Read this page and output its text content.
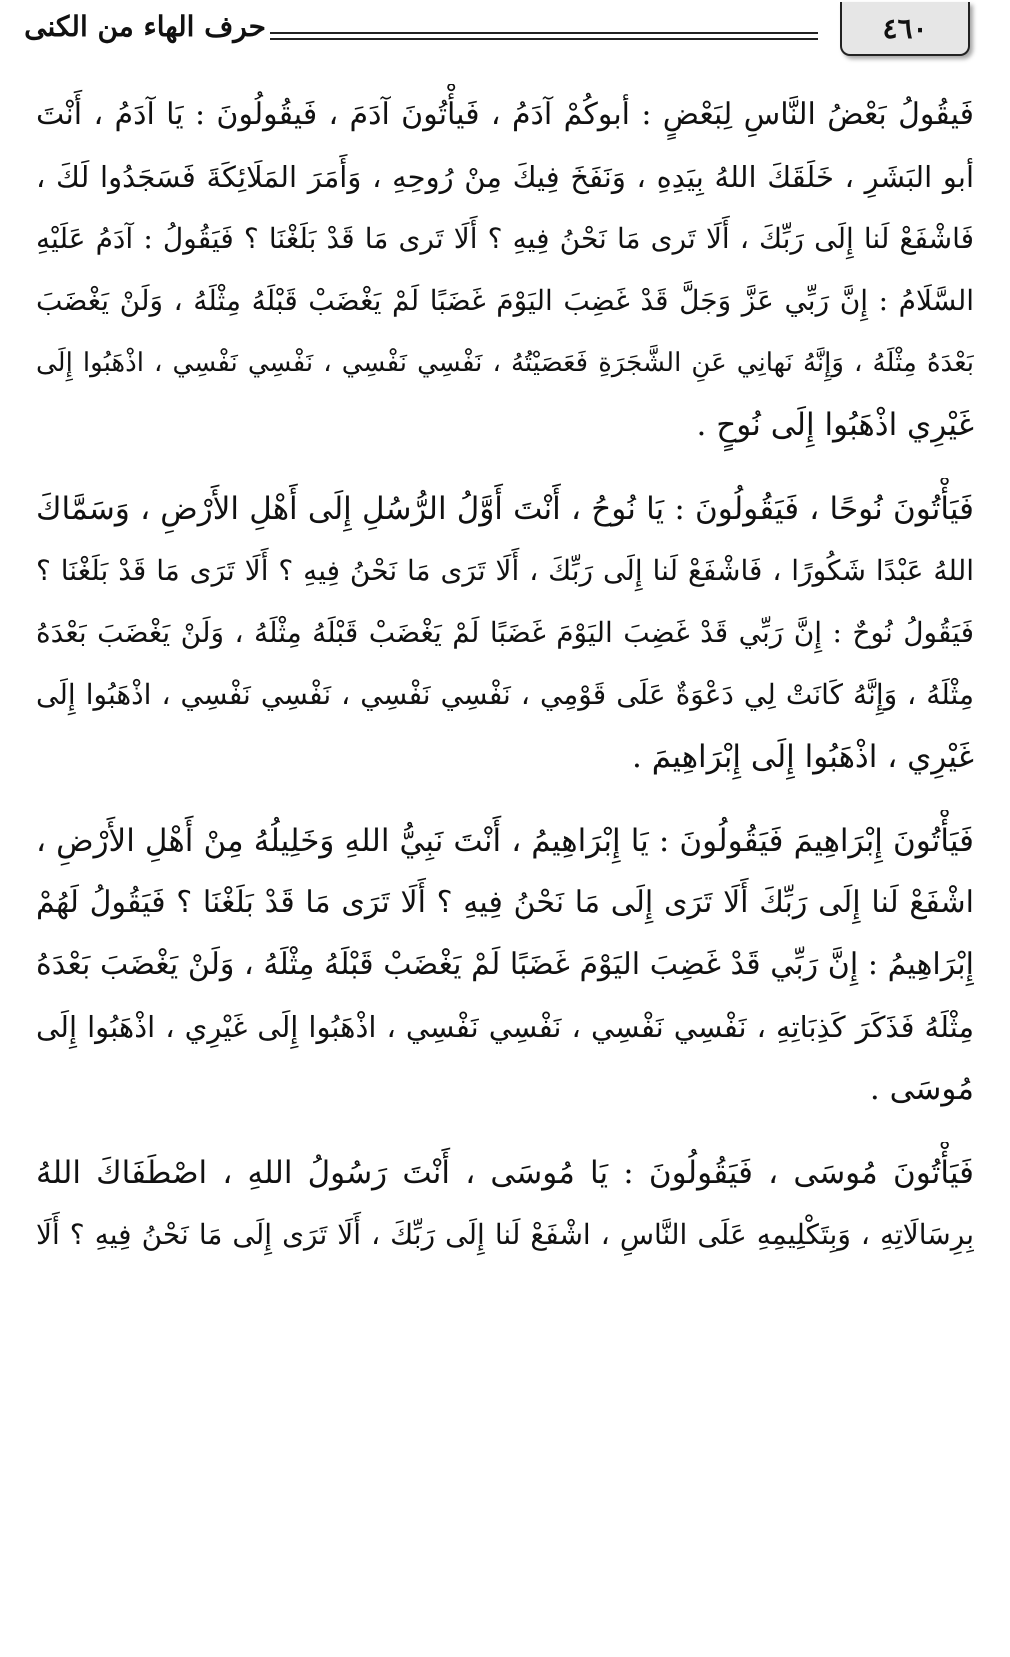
٤٦٠
حرف الهاء من الكنى

فَيقُولُ بَعْضُ النَّاسِ لِبَعْضٍ : أبوكُمْ آدَمُ ، فَيأْتُونَ آدَمَ ، فَيقُولُونَ : يَا آدَمُ ، أَنْتَ
أبو البَشَرِ ، خَلَقَكَ اللهُ بِيَدِهِ ، وَنَفَخَ فِيكَ مِنْ رُوحِهِ ، وَأَمَرَ المَلَائِكَةَ فَسَجَدُوا لَكَ ،
فَاشْفَعْ لَنا إِلَى رَبِّكَ ، أَلَا تَرى مَا نَحْنُ فِيهِ ؟ أَلَا تَرى مَا قَدْ بَلَغْنَا ؟ فَيَقُولُ : آدَمُ عَلَيْهِ
السَّلَامُ : إِنَّ رَبِّي عَزَّ وَجَلَّ قَدْ غَضِبَ اليَوْمَ غَضَبًا لَمْ يَغْضَبْ قَبْلَهُ مِثْلَهُ ، وَلَنْ يَغْضَبَ
بَعْدَهُ مِثْلَهُ ، وَإِنَّهُ نَهانِي عَنِ الشَّجَرَةِ فَعَصَيْتُهُ ، نَفْسِي نَفْسِي ، نَفْسِي نَفْسِي ، اذْهَبُوا إِلَى
غَيْرِي اذْهَبُوا إِلَى نُوحٍ .

فَيَأْتُونَ نُوحًا ، فَيَقُولُونَ : يَا نُوحُ ، أَنْتَ أَوَّلُ الرُّسُلِ إِلَى أَهْلِ الأَرْضِ ، وَسَمَّاكَ
اللهُ عَبْدًا شَكُورًا ، فَاشْفَعْ لَنا إِلَى رَبِّكَ ، أَلَا تَرَى مَا نَحْنُ فِيهِ ؟ أَلَا تَرَى مَا قَدْ بَلَغْنَا ؟
فَيَقُولُ نُوحٌ : إِنَّ رَبِّي قَدْ غَضِبَ اليَوْمَ غَضَبًا لَمْ يَغْضَبْ قَبْلَهُ مِثْلَهُ ، وَلَنْ يَغْضَبَ بَعْدَهُ
مِثْلَهُ ، وَإِنَّهُ كَانَتْ لِي دَعْوَةٌ عَلَى قَوْمِي ، نَفْسِي نَفْسِي ، نَفْسِي نَفْسِي ، اذْهَبُوا إِلَى
غَيْرِي ، اذْهَبُوا إِلَى إِبْرَاهِيمَ .

فَيَأْتُونَ إِبْرَاهِيمَ فَيَقُولُونَ : يَا إِبْرَاهِيمُ ، أَنْتَ نَبِيُّ اللهِ وَخَلِيلُهُ مِنْ أَهْلِ الأَرْضِ ،
اشْفَعْ لَنا إِلَى رَبِّكَ أَلَا تَرَى إِلَى مَا نَحْنُ فِيهِ ؟ أَلَا تَرَى مَا قَدْ بَلَغْنَا ؟ فَيَقُولُ لَهُمْ
إِبْرَاهِيمُ : إِنَّ رَبِّي قَدْ غَضِبَ اليَوْمَ غَضَبًا لَمْ يَغْضَبْ قَبْلَهُ مِثْلَهُ ، وَلَنْ يَغْضَبَ بَعْدَهُ
مِثْلَهُ فَذَكَرَ كَذِبَاتِهِ ، نَفْسِي نَفْسِي ، نَفْسِي نَفْسِي ، اذْهَبُوا إِلَى غَيْرِي ، اذْهَبُوا إِلَى
مُوسَى .

فَيَأْتُونَ مُوسَى ، فَيَقُولُونَ : يَا مُوسَى ، أَنْتَ رَسُولُ اللهِ ، اصْطَفَاكَ اللهُ
بِرِسَالَاتِهِ ، وَبِتَكْلِيمِهِ عَلَى النَّاسِ ، اشْفَعْ لَنا إِلَى رَبِّكَ ، أَلَا تَرَى إِلَى مَا نَحْنُ فِيهِ ؟ أَلَا
